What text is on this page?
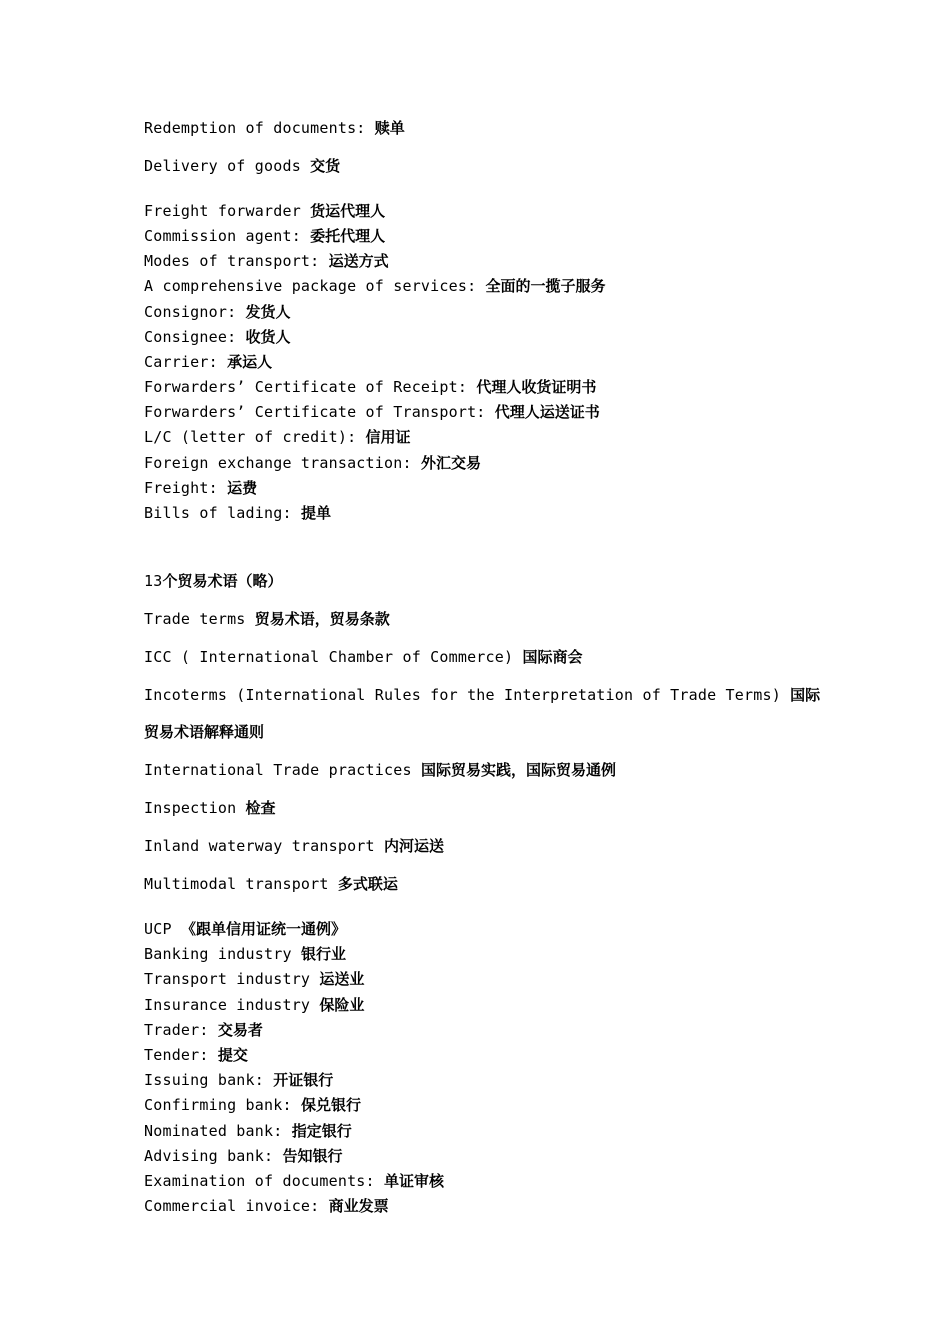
Redemption of documents: 赎单
Delivery of goods 交货
Freight forwarder 货运代理人
Commission agent: 委托代理人
Modes of transport: 运送方式
A comprehensive package of services: 全面的一揽子服务
Consignor: 发货人
Consignee: 收货人
Carrier: 承运人
Forwarders’ Certificate of Receipt: 代理人收货证明书
Forwarders’ Certificate of Transport: 代理人运送证书
L/C (letter of credit): 信用证
Foreign exchange transaction: 外汇交易
Freight: 运费
Bills of lading: 提单
13个贸易术语（略）
Trade terms 贸易术语，贸易条款
ICC ( International Chamber of Commerce) 国际商会
Incoterms (International Rules for the Interpretation of Trade Terms) 国际
贸易术语解释通则
International Trade practices 国际贸易实践，国际贸易通例
Inspection 检查
Inland waterway transport 内河运送
Multimodal transport 多式联运
UCP 《跟单信用证统一通例》
Banking industry 银行业
Transport industry 运送业
Insurance industry 保险业
Trader: 交易者
Tender: 提交
Issuing bank: 开证银行
Confirming bank: 保兑银行
Nominated bank: 指定银行
Advising bank: 告知银行
Examination of documents: 单证审核
Commercial invoice: 商业发票
